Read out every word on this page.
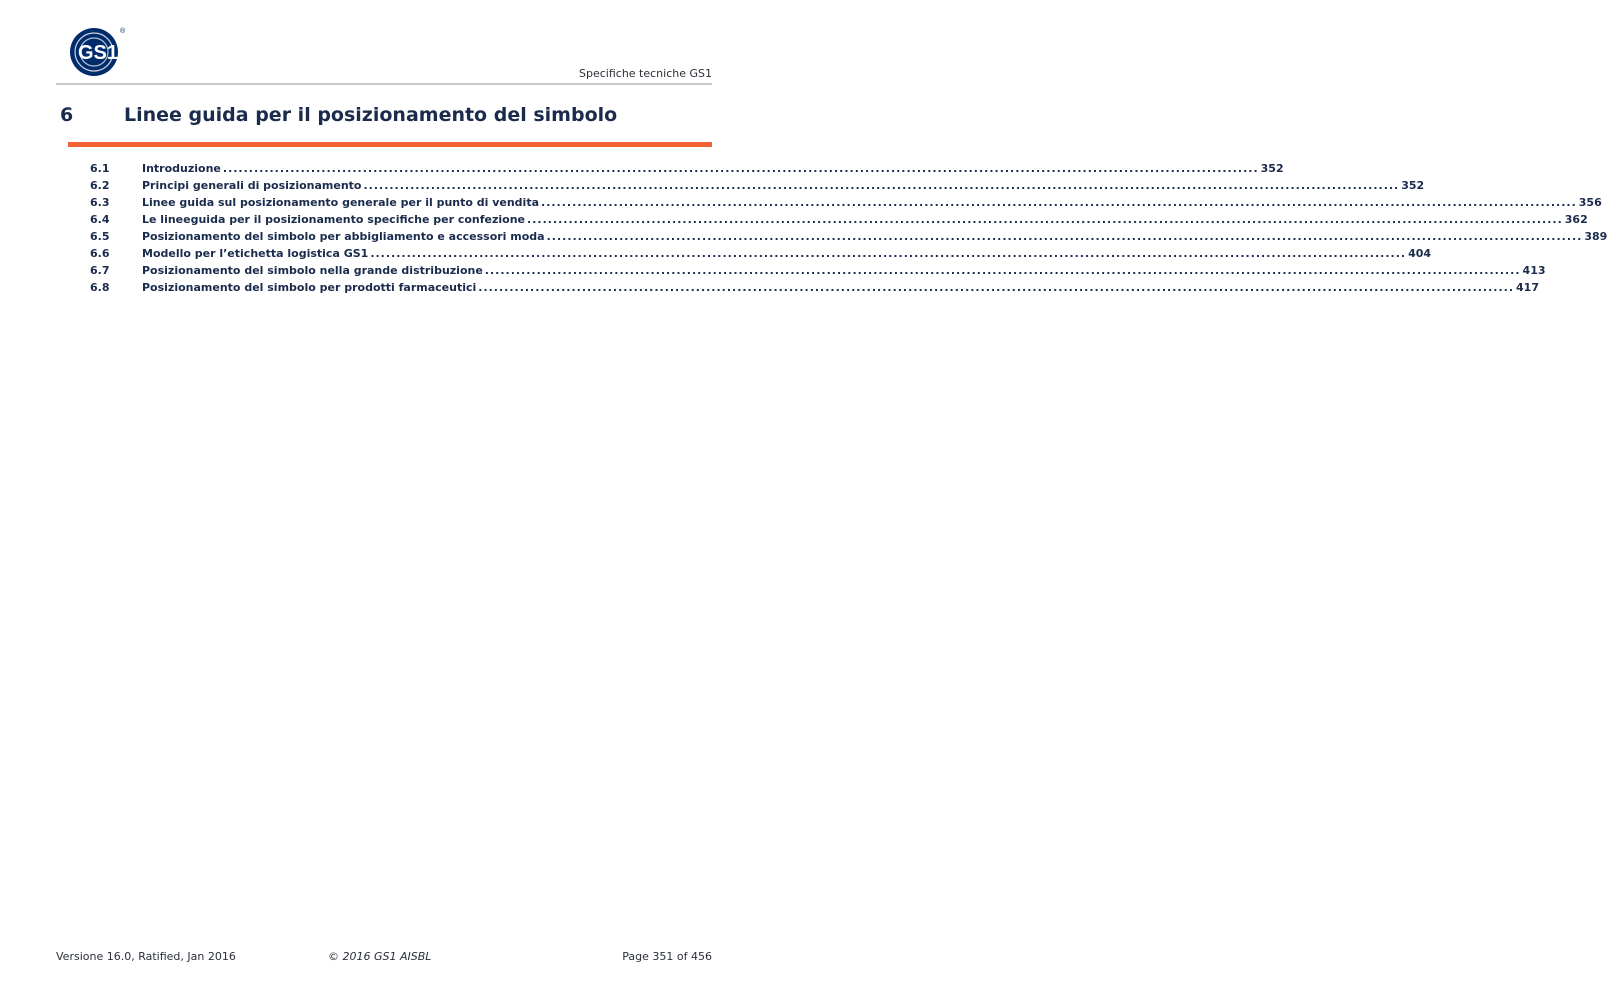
GS1
®
Specifiche tecniche GS1
6	Linee guida per il posizionamento del simbolo
6.1	Introduzione ........................................................................................................................................................................................................ 352
6.2	Principi generali di posizionamento ........................................................................................................................................................................................................ 352
6.3	Linee guida sul posizionamento generale per il punto di vendita ........................................................................................................................................................................................................ 356
6.4	Le lineeguida per il posizionamento specifiche per confezione ........................................................................................................................................................................................................ 362
6.5	Posizionamento del simbolo per abbigliamento e accessori moda ........................................................................................................................................................................................................ 389
6.6	Modello per l’etichetta logistica GS1 ........................................................................................................................................................................................................ 404
6.7	Posizionamento del simbolo nella grande distribuzione ........................................................................................................................................................................................................ 413
6.8	Posizionamento del simbolo per prodotti farmaceutici ........................................................................................................................................................................................................ 417
Versione 16.0, Ratified, Jan 2016	© 2016 GS1 AISBL	Page 351 of 456
